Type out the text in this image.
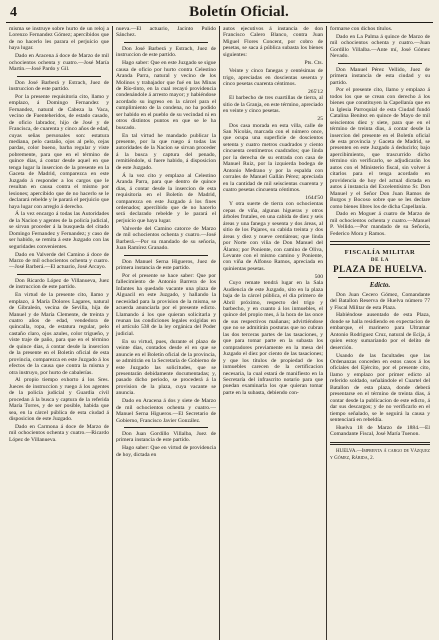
4	Boletín Oficial.

misma se instruye sobre hurto de un reloj a Lorenzo Fernandez Gómez; apercibidos que de no hacerlo les parara el perjuicio que haya lugar.

Dado en Aracena á doce de Marzo de mil ochocientos ochenta y cuatro.—José María Martin.—José Pardo y Gil.

Don José Barberá y Estrach, Juez de instruccion de este partido.

Por la presente requisitoria cito, llamo y emplazo, á Domingo Fernandez y Fernandez, natural de Cabeza la Vaca, vecino de Fuenteheridos, de estado casado, de oficio labrador, hijo de José y de Francisca, de cuarenta y cinco años de edad, cuyas señas personales son: estatura mediana, pelo castaño, ojos al pelo, cejas pardas, color bueno, barba regular y viste pobremente, para que en el término de quince dias, á contar desde aquel en que tenga lugar la insercion de la presente en la Gaceta de Madrid, comparezca en este Juzgado á responder a los cargos que le resultan en causa contra el mismo por lesiones; apercibido que de no hacerlo se le declarará rebelde y le parará el perjuicio que haya lugar con arreglo á derecho.

Á la vez encargo á todas las Autoridades de la Nacion y agentes de la policía judicial, se sirvan proceder á la busqueda del citado Domingo Fernandez y Fernandez; y caso de ser habido, se remita á este Juzgado con las seguridades convenientes.

Dado en Valverde del Camino á doce de Marzo de mil ochocientos ochenta y cuatro.—José Barberá.—El actuario, José Arcayo.

Don Ricardo López de Villanueva, Juez de instruccion de este partido.

En virtud de la presente cito, llamo y emplazo, á María Dolores Lagares, natural de Gibraleón, vecina de Sevilla, hija de Manuel y de María Clemente, de treinta y cuatro años de edad, vendedora de quincalla, ropa, de estatura regular, pelo castaño claro, ojos azules, color trigueño, y viste traje de paño, para que en el término de quince dias, á contar desde la insercion de la presente en el Boletín oficial de esta provincia, comparezca en este Juzgado á los efectos de la causa que contra la misma y otra instruyo, por hurto de cabalerías.

Al propio tiempo exhorto á los Sres. Jueces de instruccion y ruego á los agentes de la policía judicial y Guardia civil procedan á la busca y captura de la referida María Torres, y de ser posible, habida que sea, en la cárcel pública de esta ciudad á disposicion de este Juzgado.

Dado en Carmona á doce de Marzo de mil ochocientos ochenta y cuatro.—Ricardo López de Villanueva.

nueva.—El actuario, Jacinto Pulido Sánchez.

Don José Barberá y Estrach, Juez de instruccion de este partido.

Hago saber: Que en este Juzgado se sigue causa de oficio por hurto contra Celestino Aranda Parra, natural y vecino de los Molinos y trabajador que fué en las Minas de Río-tinto, en la cual recayó providencia condenándole á arresto mayor; y habiéndose acordado su ingreso en la cárcel para el cumplimiento de la condena, no ha podido ser habido en el pueblo de su vecindad ni en otros distintos puntos en que se le ha buscado.

En tal virtud he mandado publicar la presente, por la que ruego á todas las autoridades de la Nacion se sirvan proceder á la busca y captura del penado, remitiéndole, si fuere habido, á disposicion de este Juzgado.

Á la vez cito y emplazo al Celestino Aranda Parra, para que dentro de quince dias, á contar desde la insercion de esta requisitoria en el Boletín de Madrid, comparezca en este Juzgado á los fines ordenados; apercibido que de no hacerlo será declarado rebelde y le parará el perjuicio que haya lugar.

Valverde del Camino catorce de Marzo de mil ochocientos ochenta y cuatro.—José Barberá.—Por su mandado de su señoría, Juan Ramírez Granado.

Don Manuel Serna Higueros, Juez de primera instancia de este partido.

Por el presente se hace saber: Que por fallecimiento de Antonio Barrera de los Infantes ha quedado vacante una plaza de Alguacil en este Juzgado, y hallando la necesidad para la provision de la misma, se acuerda anunciarla por el presente edicto. Llamando á los que quieran solicitarla y reunan las condiciones legales exigidas en el artículo 538 de la ley orgánica del Poder judicial.

En su virtud, pues, durante el plazo de veinte dias, contados desde el en que se anuncie en el Boletín oficial de la provincia, se admitirán en la Secretaría de Gobierno de este Juzgado las solicitudes, que se presentarán debidamente documentadas; y, pasado dicho periodo, se procederá á la provision de la plaza, cuya vacante se anuncia.

Dado en Aracena á dos y siete de Marzo de mil ochocientos ochenta y cuatro.—Manuel Serna Higueros.—El Secretario de Gobierno, Francisco Javier González.

Don Juan Gordillo Villalba, Juez de primera instancia de este partido.

Hago saber: Que en virtud de providencia de hoy, dictada en

autos ejecutivos á instancia de don Francisco Calero Blanco, contra Juan Miguel Flores Concent, por cobro de pesetas, se saca á pública subasta los bienes siguientes:

Pts. Cts.

Veinte y cinco fanegas y centésimas de trigo, apreciadas en doscientas sesenta y cinco pesetas cuarenta céntimos.

265'12

El barbecho de tres cuartillas de tierra, al sitio de la Granja, en este término, apreciado en veinte y cinco pesetas.

25

Dos casa morada en esta villa, calle de San Nicolás, marcada con el número once, que ocupa una superficie de doscientos setenta y cuatro metros cuadrados y ciento cincuenta centímetros cuadrados; que linda por la derecha de su entrada con casa de Manuel Ruiz, por la izquierda bodega de Antonio Medrano y por la espalda con corrales de Manuel Gallán Pérez; apreciada en la cantidad de mil seiscientas cuarenta y cuatro pesetas cincuenta céntimos.

1644'50

Y otra suerte de tierra con ochocientas cepas de viña, algunas higueras y otros árboles frutales, en una cabida de diez y seis áreas y una fanega y sesenta y dos áreas, al sitio de los Pajares, su cabida treinta y dos áreas y diez y nueve centiáreas; que linda por Norte con viña de Don Manuel del Álamo; por Poniente, con camino de Oliva, Levante con el mismo camino y Poniente, con viña de Alfonso Ramos, apreciada en quinientas pesetas.

500

Cuyo remate tendrá lugar en la Sala Audiencia de este Juzgado, sito en la plaza baja de la cárcel pública, el dia primero de Abril próximo, respecto del trigo y barbecho, y en cuanto á los inmuebles, el quince del propio mes, á la hora de las once de sus respectivos mañanas; advirtiéndose que no se admitirán posturas que no cubran las dos terceras partes de las tasaciones, y que para tomar parte en la subasta los compradores previamente en la mesa del Juzgado el diez por ciento de las tasaciones; y que los títulos de propiedad de los inmuebles carecen de la certificacion necesaria, la cual estará de manifiesto en la Secretaría del infrascrito notario para que puedan examinarla los que quieran tomar parte en la subasta, debiendo con-

formarse con dichos títulos.

Dado en La Palma á quince de Marzo de mil ochocientos ochenta y cuatro.—Juan Gordillo Villalba.—Ante mí, José Gómez Nevado.

Don Manuel Pérez Vellido, Juez de primera instancia de esta ciudad y su partido.

Por el presente cito, llamo y emplazo á todos los que se crean con derecho á los bienes que constituyen la Capellanía que en la Iglesia Parroquial de esta Ciudad fundó Catalina Benitez en quince de Mayo de mil seiscientos diez y siete, para que en el término de treinta dias, á contar desde la insercion del presente en el Boletín oficial de esta provincia y Gaceta de Madrid, se presenten en este Juzgado á deducirlo; bajo apercibimiento, que trascurrido dicho término sin verificarlo, se adjudicarán los autos con el Ministerio fiscal, sin volver á citarlos para el tenga acordado en providencia de hoy del actual dictada en autos á instancia del Excelentísimo Sr. Don Manuel y el Señor Don Juan Ramos de Burgos y Bocoso sobre que se les declare como bienes libres los de dicha Capellanía.

Dado en Moguer á cuatro de Marzo de mil ochocientos ochenta y cuatro.—Manuel P. Vellido.—Por mandado de su Señoría, Federico Mora y Ramos.

FISCALÍA MILITAR
DE LA
PLAZA DE HUELVA.
Edicto.

Don Juan Cecero Gómez, Comandante del Batallon Reserva de Huelva número 77 y Fiscal Militar de esta Plaza.

Habiéndose ausentado de esta Plaza, donde se halla residiendo en expectacion de embarque, el marinero para Ultramar Antonio Rodriguez Cruz, natural de Ecija, á quien estoy sumariando por el delito de deserción.

Usando de las facultades que las Ordenanzas conceden en estos casos á los oficiales del Ejército, por el presente cito, llamo y emplazo por primer edicto al referido soldado, señalándole el Cuartel del Batallon de esta plaza, donde deberá presentarse en el término de treinta dias, á contar desde la publicacion de este edicto, á dar sus descargos; y de no verificarlo en el tiempo señalado, se le seguirá la causa y sentenciará en rebeldía.

Huelva 18 de Marzo de 1884.—El Comandante Fiscal, José María Tuenon.

HUELVA.—Imprenta á cargo de Vázquez y Gómez, Rábida, 2.
